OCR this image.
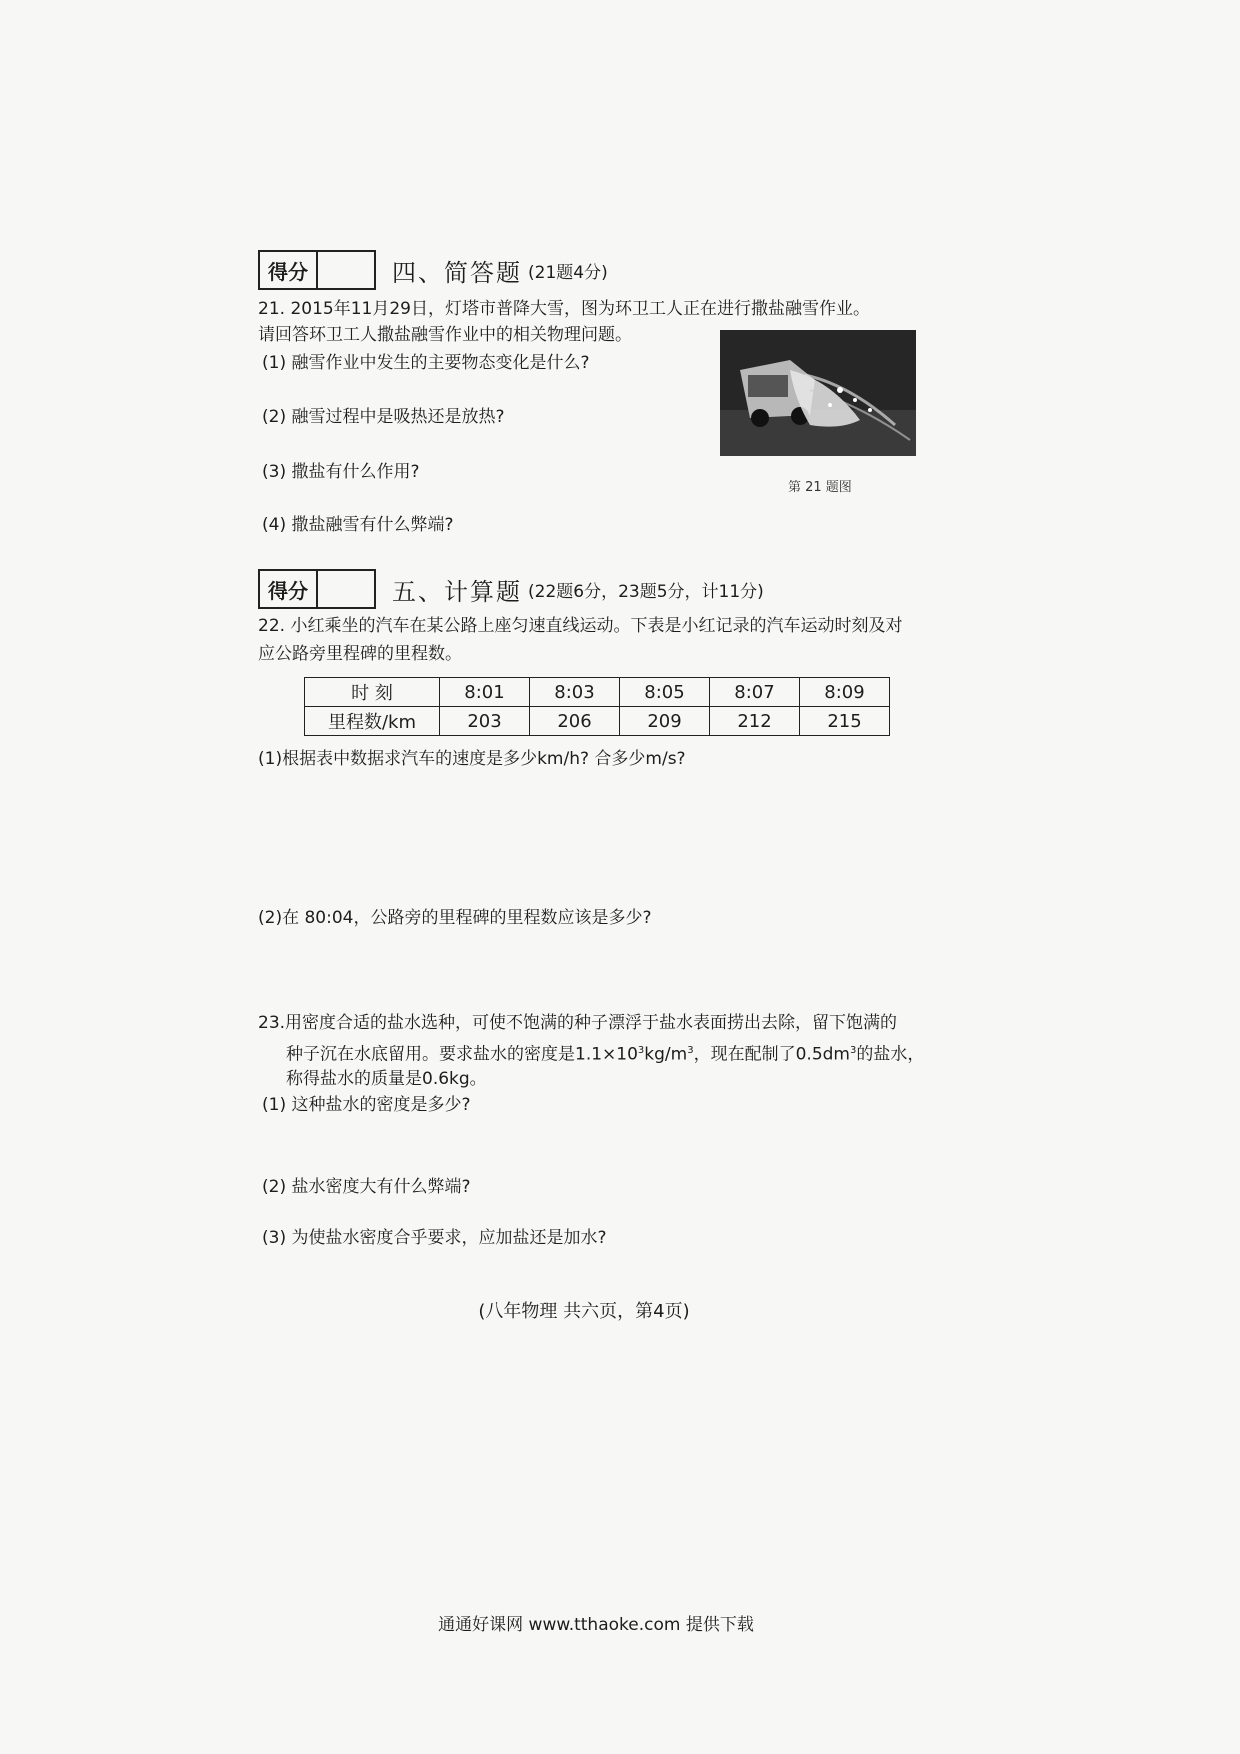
得分	四、简答题 (21题4分)
21. 2015年11月29日，灯塔市普降大雪，图为环卫工人正在进行撒盐融雪作业。
请回答环卫工人撒盐融雪作业中的相关物理问题。
(1) 融雪作业中发生的主要物态变化是什么?
(2) 融雪过程中是吸热还是放热?
(3) 撒盐有什么作用?
(4) 撒盐融雪有什么弊端?
第 21 题图
得分	五、计算题 (22题6分，23题5分，计11分)
22. 小红乘坐的汽车在某公路上座匀速直线运动。下表是小红记录的汽车运动时刻及对
应公路旁里程碑的里程数。
时 刻	8:01	8:03	8:05	8:07	8:09
里程数/km	203	206	209	212	215
(1)根据表中数据求汽车的速度是多少km/h? 合多少m/s?
(2)在 80:04，公路旁的里程碑的里程数应该是多少?
23.用密度合适的盐水选种，可使不饱满的种子漂浮于盐水表面捞出去除，留下饱满的
种子沉在水底留用。要求盐水的密度是$1.1\times 10^3kg/m^3$，现在配制了$0.5dm^3$的盐水，
称得盐水的质量是0.6kg。
(1) 这种盐水的密度是多少?
(2) 盐水密度大有什么弊端?
(3) 为使盐水密度合乎要求，应加盐还是加水?
(八年物理 共六页，第4页)
通通好课网 www.tthaoke.com 提供下载
